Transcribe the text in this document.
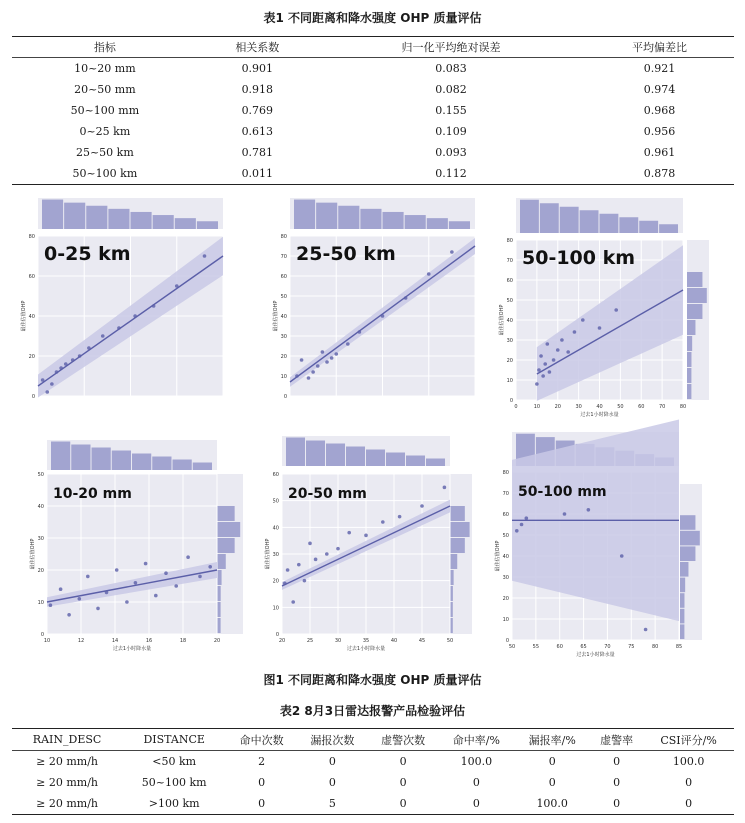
表1 不同距离和降水强度 OHP 质量评估
指标	相关系数	归一化平均绝对误差	平均偏差比
10~20 mm	0.901	0.083	0.921
20~50 mm	0.918	0.082	0.974
50~100 mm	0.769	0.155	0.968
0~25 km	0.613	0.109	0.956
25~50 km	0.781	0.093	0.961
50~100 km	0.011	0.112	0.878
0
20
40
60
80
最佳估值OHP
0-25 km
0
10
20
30
40
50
60
70
80
最佳估值OHP
25-50 km
0
10
20
30
40
50
60
70
80
0	10	20	30	40	50	60	70	80
最佳估值OHP
过去1小时降水量
50-100 km
0
10
20
30
40
50
10	12	14	16	18	20
最佳估值OHP
过去1小时降水量
10-20 mm
0
10
20
30
40
50
60
20	25	30	35	40	45	50
最佳估值OHP
过去1小时降水量
20-50 mm
0
10
20
30
40
50
60
70
80
50	55	60	65	70	75	80	85
最佳估值OHP
过去1小时降水量
50-100 mm
图1 不同距离和降水强度 OHP 质量评估
表2 8月3日雷达报警产品检验评估
RAIN_DESC	DISTANCE	命中次数	漏报次数	虚警次数	命中率/%	漏报率/%	虚警率	CSI评分/%
≥ 20 mm/h	<50 km	2	0	0	100.0	0	0	100.0
≥ 20 mm/h	50~100 km	0	0	0	0	0	0	0
≥ 20 mm/h	>100 km	0	5	0	0	100.0	0	0
